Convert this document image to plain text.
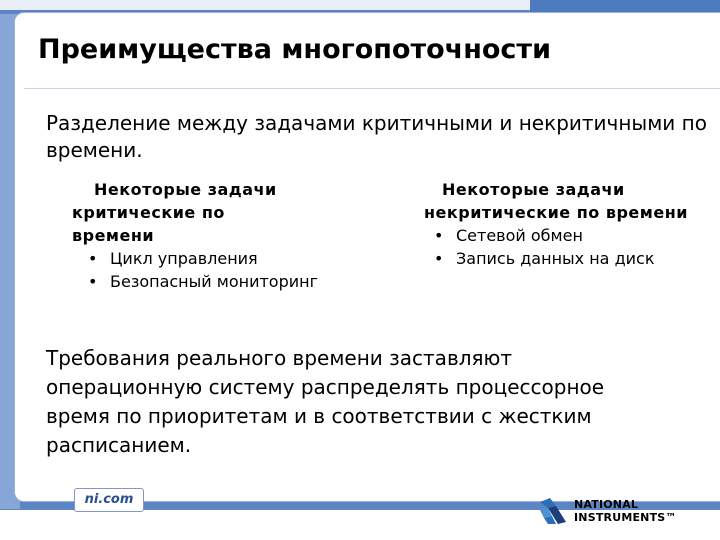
Преимущества многопоточности
Разделение между задачами критичными и некритичными по времени.
Некоторые задачи
критические по
времени
• Цикл управления
• Безопасный мониторинг
Некоторые задачи
некритические по времени
• Сетевой обмен
• Запись данных на диск
Требования реального времени заставляют операционную систему распределять процессорное время по приоритетам и в соответствии с жестким расписанием.
ni.com	NATIONAL
INSTRUMENTS™
